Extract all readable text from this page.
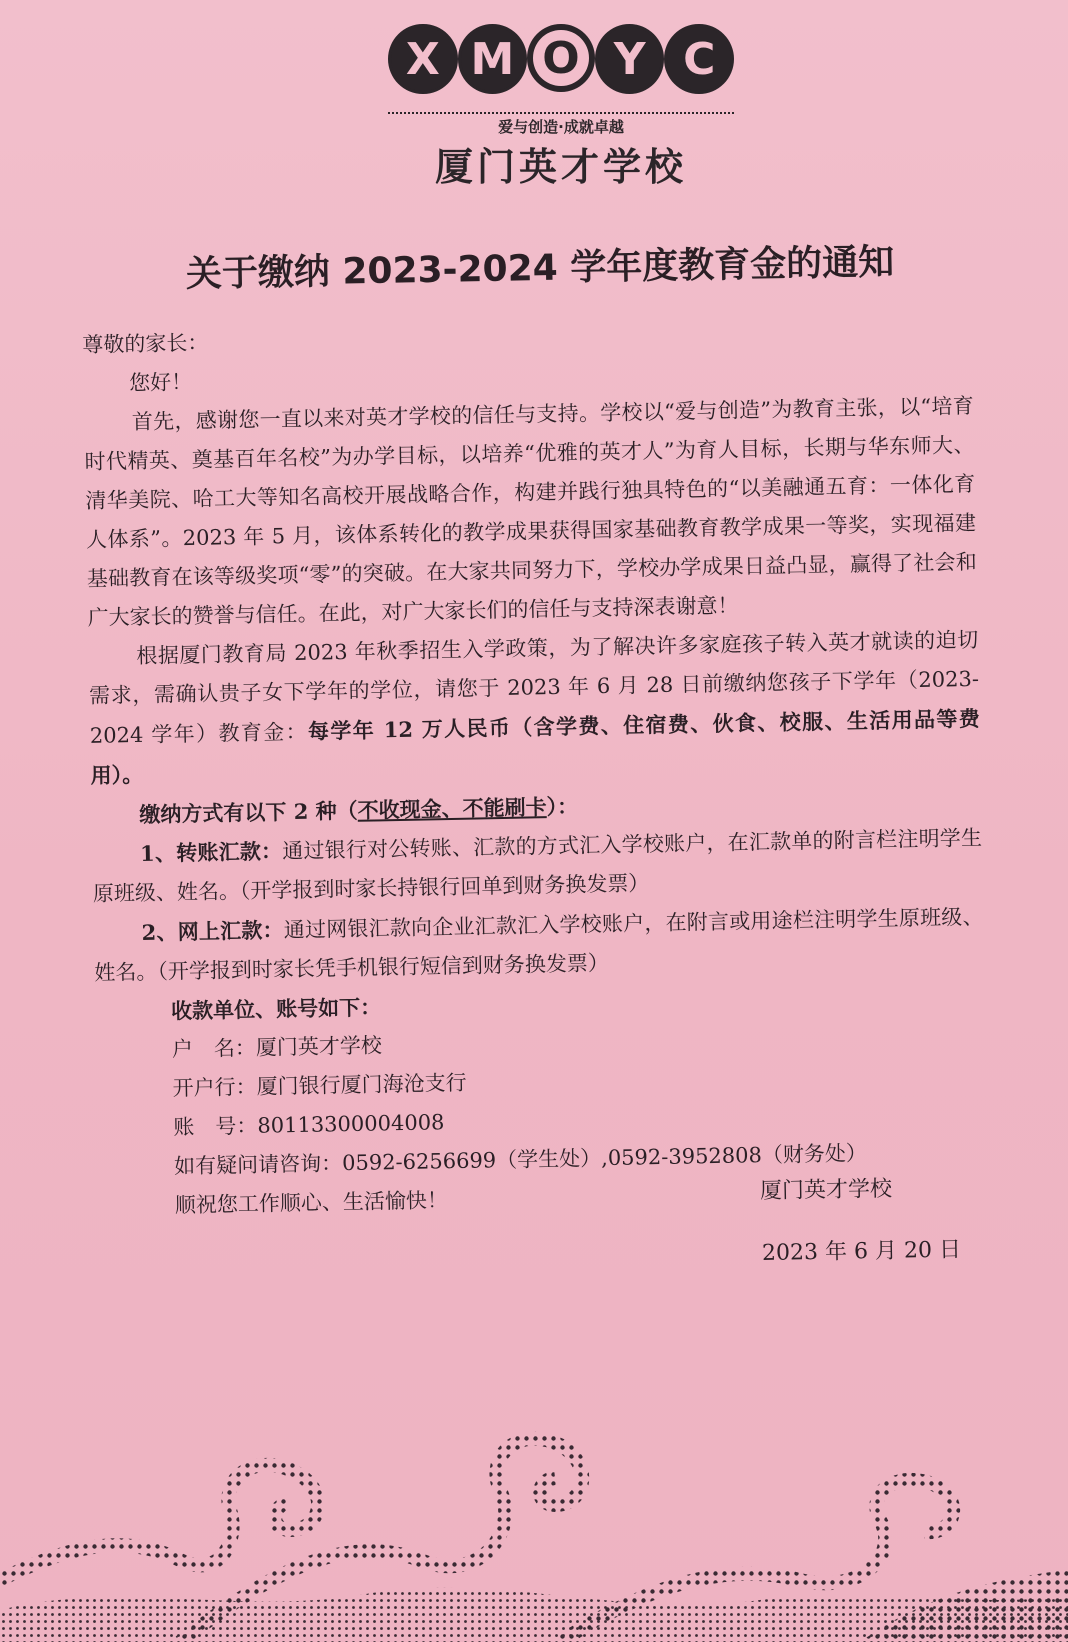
X M O Y C
爱与创造·成就卓越
厦门英才学校
关于缴纳 2023-2024 学年度教育金的通知

尊敬的家长：

您好！

首先，感谢您一直以来对英才学校的信任与支持。学校以“爱与创造”为教育主张，以“培育时代精英、奠基百年名校”为办学目标，以培养“优雅的英才人”为育人目标，长期与华东师大、清华美院、哈工大等知名高校开展战略合作，构建并践行独具特色的“以美融通五育：一体化育人体系”。2023 年 5 月，该体系转化的教学成果获得国家基础教育教学成果一等奖，实现福建基础教育在该等级奖项“零”的突破。在大家共同努力下，学校办学成果日益凸显，赢得了社会和广大家长的赞誉与信任。在此，对广大家长们的信任与支持深表谢意！

根据厦门教育局 2023 年秋季招生入学政策，为了解决许多家庭孩子转入英才就读的迫切需求，需确认贵子女下学年的学位，请您于 2023 年 6 月 28 日前缴纳您孩子下学年（2023-2024 学年）教育金：每学年 12 万人民币（含学费、住宿费、伙食、校服、生活用品等费用）。

缴纳方式有以下 2 种（不收现金、不能刷卡）：

1、转账汇款：通过银行对公转账、汇款的方式汇入学校账户，在汇款单的附言栏注明学生原班级、姓名。（开学报到时家长持银行回单到财务换发票）

2、网上汇款：通过网银汇款向企业汇款汇入学校账户，在附言或用途栏注明学生原班级、姓名。（开学报到时家长凭手机银行短信到财务换发票）

收款单位、账号如下：

户　名：厦门英才学校

开户行：厦门银行厦门海沧支行

账　号：80113300004008

如有疑问请咨询：0592-6256699（学生处）,0592-3952808（财务处）

顺祝您工作顺心、生活愉快！	厦门英才学校
2023 年 6 月 20 日
